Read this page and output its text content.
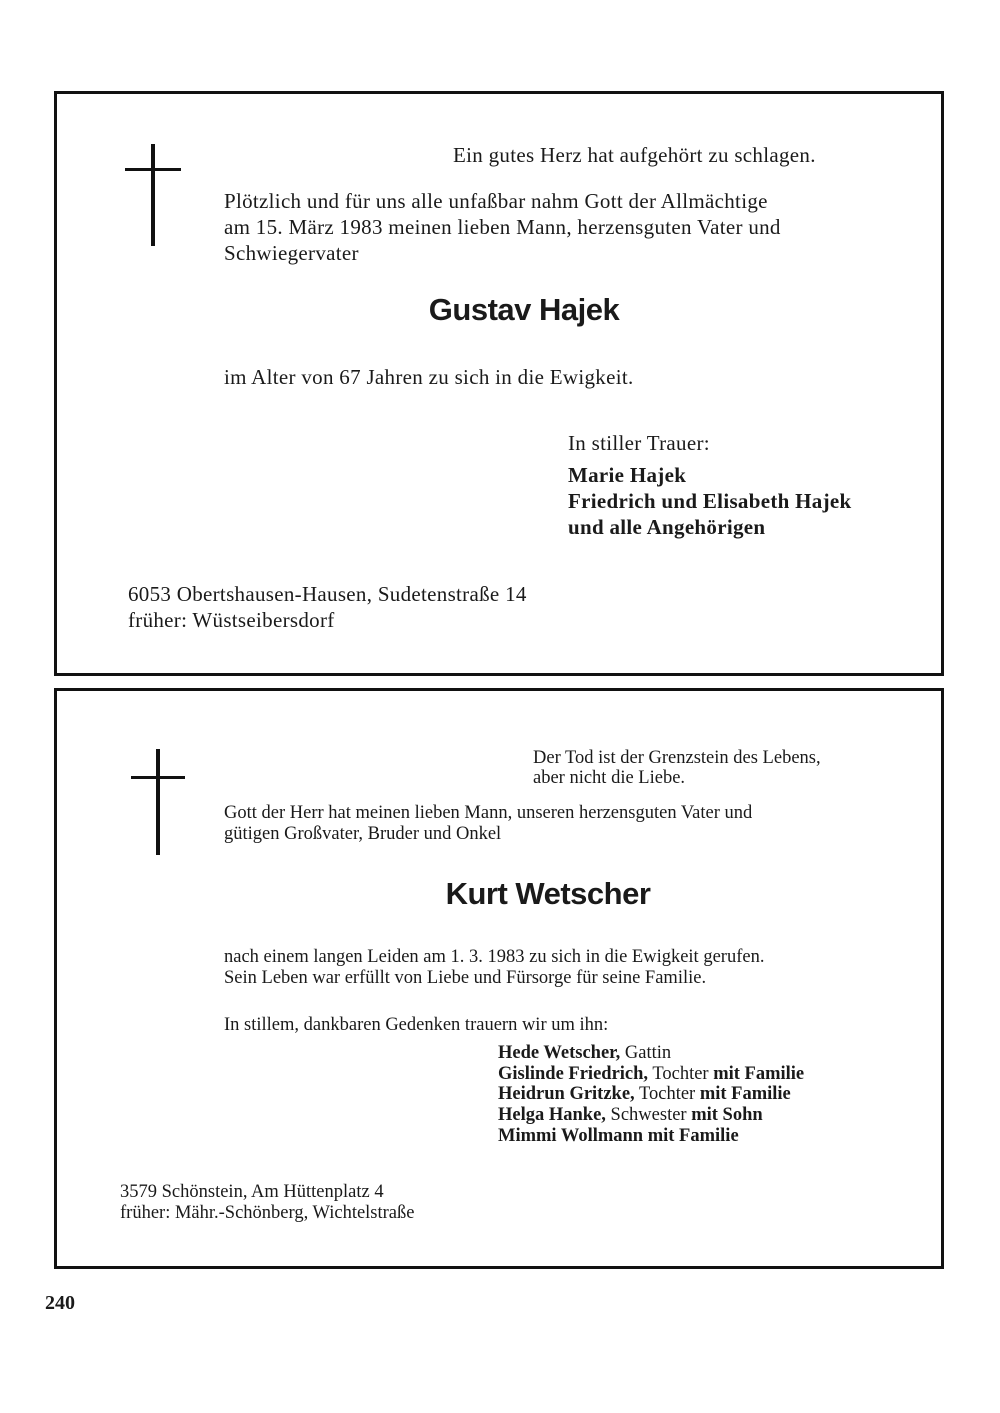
Ein gutes Herz hat aufgehört zu schlagen.

Plötzlich und für uns alle unfaßbar nahm Gott der Allmächtige

am 15. März 1983 meinen lieben Mann, herzensguten Vater und

Schwiegervater

Gustav Hajek

im Alter von 67 Jahren zu sich in die Ewigkeit.

In stiller Trauer:

Marie Hajek

Friedrich und Elisabeth Hajek

und alle Angehörigen

6053 Obertshausen-Hausen, Sudetenstraße 14

früher: Wüstseibersdorf

Der Tod ist der Grenzstein des Lebens,

aber nicht die Liebe.

Gott der Herr hat meinen lieben Mann, unseren herzensguten Vater und

gütigen Großvater, Bruder und Onkel

Kurt Wetscher

nach einem langen Leiden am 1. 3. 1983 zu sich in die Ewigkeit gerufen.

Sein Leben war erfüllt von Liebe und Fürsorge für seine Familie.

In stillem, dankbaren Gedenken trauern wir um ihn:

Hede Wetscher, Gattin

Gislinde Friedrich, Tochter mit Familie

Heidrun Gritzke, Tochter mit Familie

Helga Hanke, Schwester mit Sohn

Mimmi Wollmann mit Familie

3579 Schönstein, Am Hüttenplatz 4

früher: Mähr.-Schönberg, Wichtelstraße

240
